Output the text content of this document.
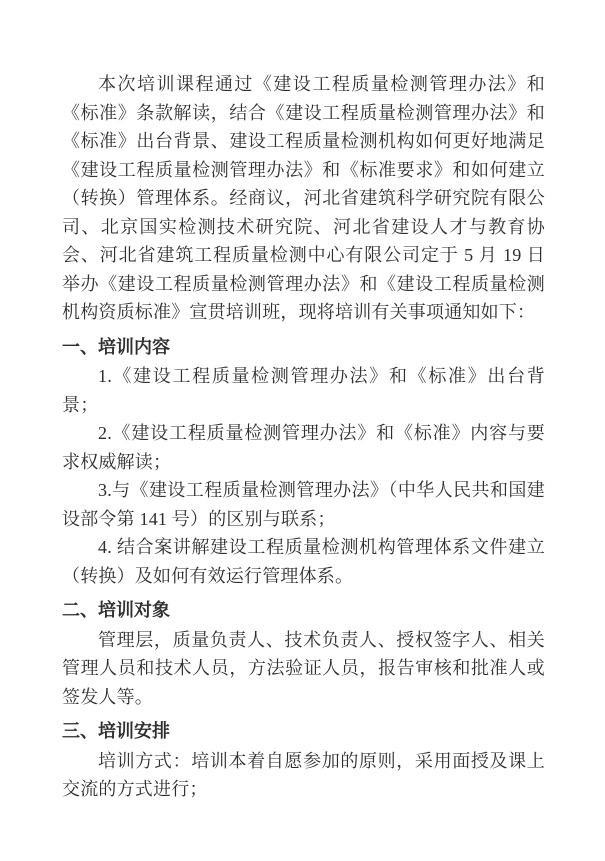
本次培训课程通过《建设工程质量检测管理办法》和《标准》条款解读，结合《建设工程质量检测管理办法》和《标准》出台背景、建设工程质量检测机构如何更好地满足《建设工程质量检测管理办法》和《标准要求》和如何建立（转换）管理体系。经商议，河北省建筑科学研究院有限公司、北京国实检测技术研究院、河北省建设人才与教育协会、河北省建筑工程质量检测中心有限公司定于 5 月 19 日举办《建设工程质量检测管理办法》和《建设工程质量检测机构资质标准》宣贯培训班，现将培训有关事项通知如下：

一、培训内容

1.《建设工程质量检测管理办法》和《标准》出台背景；

2.《建设工程质量检测管理办法》和《标准》内容与要求权威解读；

3.与《建设工程质量检测管理办法》（中华人民共和国建设部令第 141 号）的区别与联系；

4. 结合案讲解建设工程质量检测机构管理体系文件建立（转换）及如何有效运行管理体系。

二、培训对象

管理层，质量负责人、技术负责人、授权签字人、相关管理人员和技术人员，方法验证人员，报告审核和批准人或签发人等。

三、培训安排

培训方式：培训本着自愿参加的原则，采用面授及课上交流的方式进行；
